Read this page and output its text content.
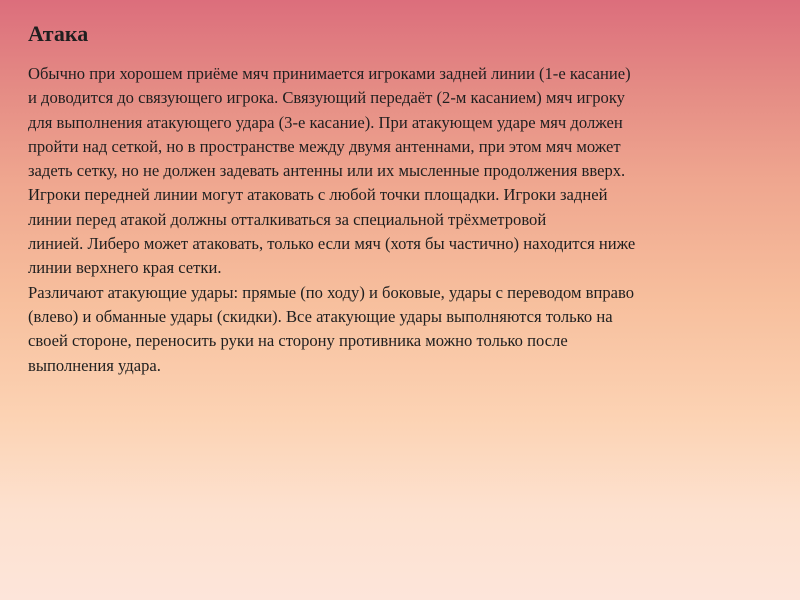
Атака
Обычно при хорошем приёме мяч принимается игроками задней линии (1-е касание)
и доводится до связующего игрока. Связующий передаёт (2-м касанием) мяч игроку
для выполнения атакующего удара (3-е касание). При атакующем ударе мяч должен
пройти над сеткой, но в пространстве между двумя антеннами, при этом мяч может
задеть сетку, но не должен задевать антенны или их мысленные продолжения вверх.
Игроки передней линии могут атаковать с любой точки площадки. Игроки задней
линии перед атакой должны отталкиваться за специальной трёхметровой
линией. Либеро может атаковать, только если мяч (хотя бы частично) находится ниже
линии верхнего края сетки.
Различают атакующие удары: прямые (по ходу) и боковые, удары с переводом вправо
(влево) и обманные удары (скидки). Все атакующие удары выполняются только на
своей стороне, переносить руки на сторону противника можно только после
выполнения удара.
